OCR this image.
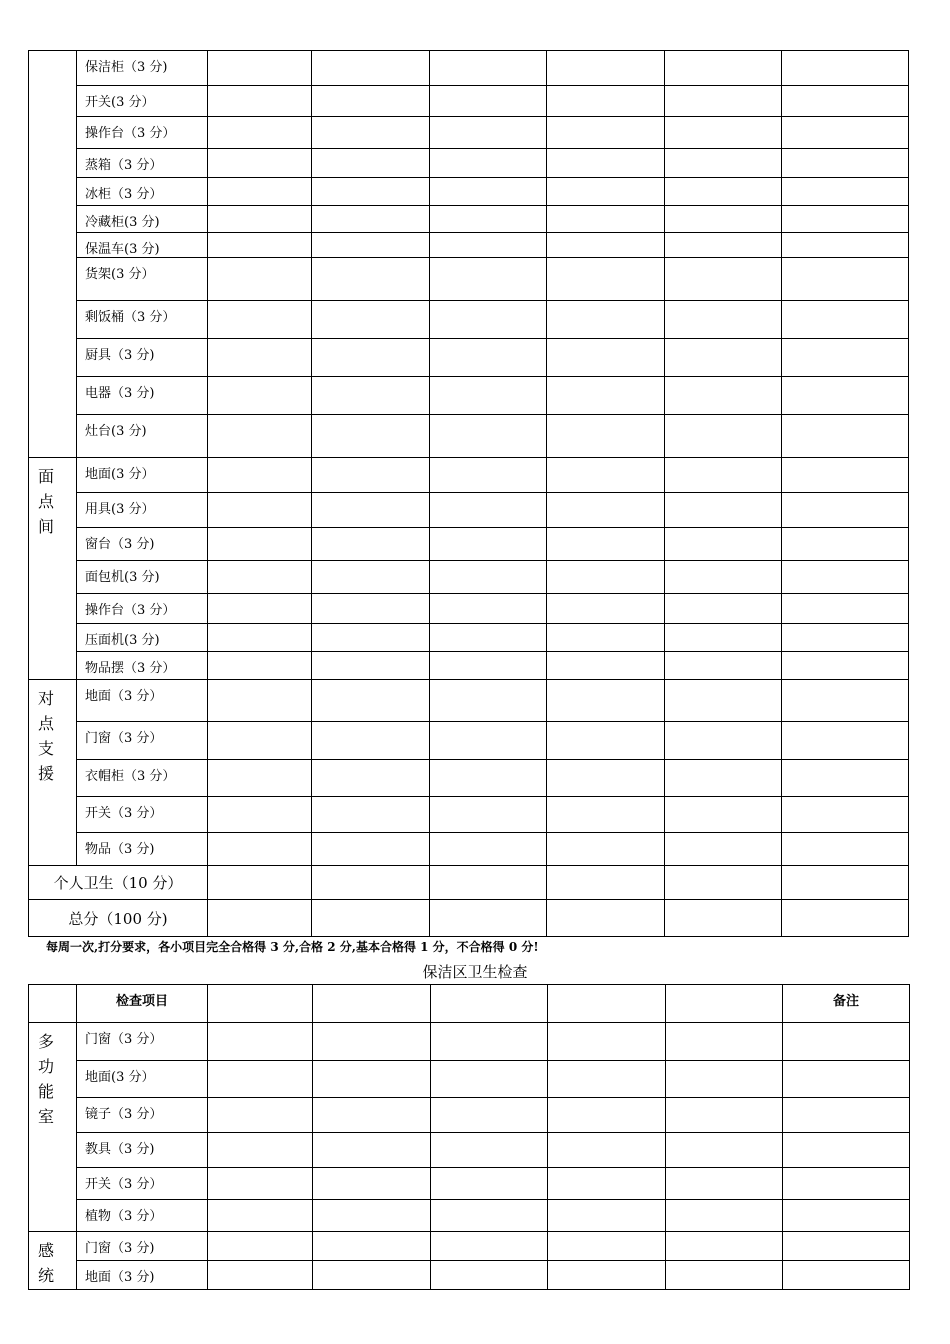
	保洁柜（3 分)						
	开关(3 分）						
	操作台（3 分）						
	蒸箱（3 分）						
	冰柜（3 分）						
	冷藏柜(3 分)						
	保温车(3 分)						
	货架(3 分）						
	剩饭桶（3 分）						
	厨具（3 分)						
	电器（3 分)						
	灶台(3 分)						

面
点
间	地面(3 分）						
	用具(3 分）						
	窗台（3 分)						
	面包机(3 分)						
	操作台（3 分）						
	压面机(3 分)						
	物品摆（3 分）						

对
点
支
援	地面（3 分）						
	门窗（3 分）						
	衣帽柜（3 分）						
	开关（3 分）						
	物品（3 分)						
个人卫生（10 分）							
总分（100 分)							
每周一次,打分要求，各小项目完全合格得 3 分,合格 2 分,基本合格得 1 分，不合格得 0 分!
保洁区卫生检查
	检查项目						备注

多
功
能
室	门窗（3 分）						
	地面(3 分）						
	镜子（3 分）						
	教具（3 分)						
	开关（3 分）						
	植物（3 分）						

感
统	门窗（3 分)						
	地面（3 分)						
